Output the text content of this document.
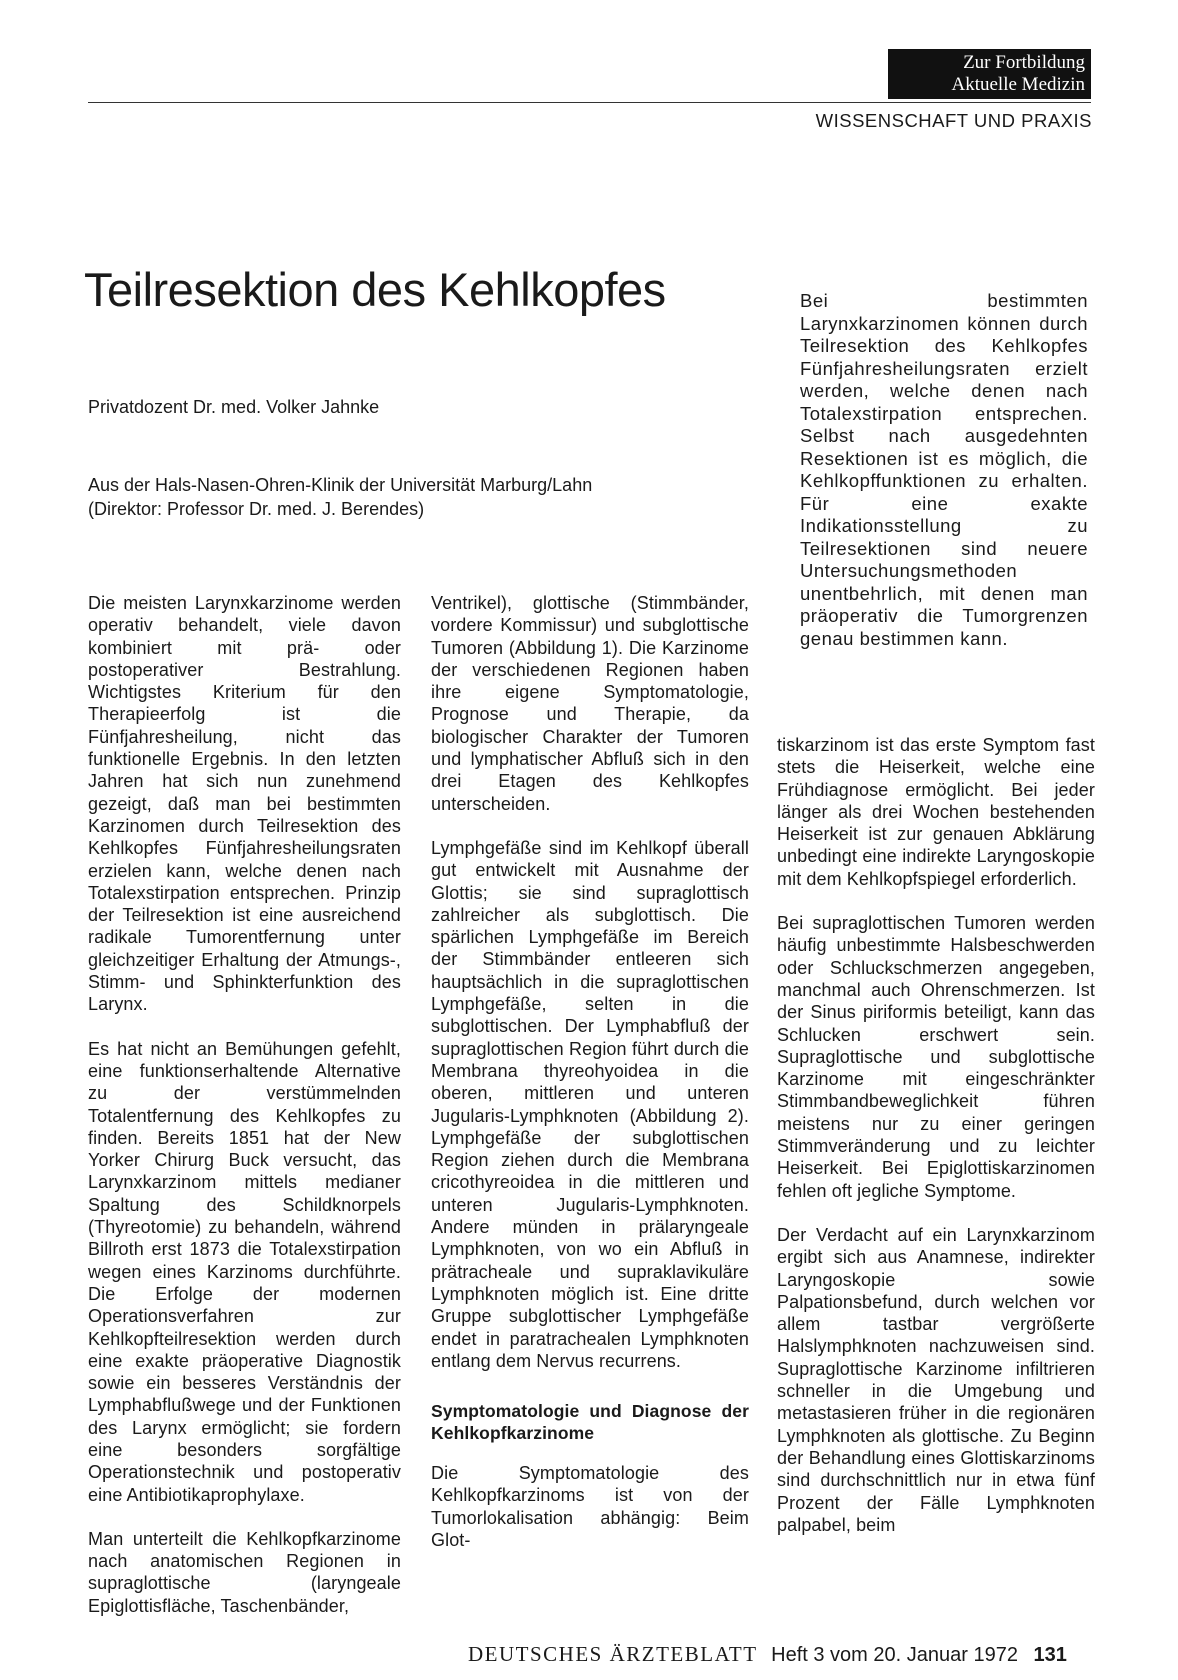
Zur Fortbildung
Aktuelle Medizin
WISSENSCHAFT UND PRAXIS
Teilresektion des Kehlkopfes
Privatdozent Dr. med. Volker Jahnke
Aus der Hals-Nasen-Ohren-Klinik der Universität Marburg/Lahn
(Direktor: Professor Dr. med. J. Berendes)
Bei bestimmten Larynxkarzinomen können durch Teilresektion des Kehlkopfes Fünfjahresheilungsraten erzielt werden, welche denen nach Totalexstirpation entsprechen. Selbst nach ausgedehnten Resektionen ist es möglich, die Kehlkopffunktionen zu erhalten. Für eine exakte Indikationsstellung zu Teilresektionen sind neuere Untersuchungsmethoden unentbehrlich, mit denen man präoperativ die Tumorgrenzen genau bestimmen kann.

Die meisten Larynxkarzinome werden operativ behandelt, viele davon kombiniert mit prä- oder postoperativer Bestrahlung. Wichtigstes Kriterium für den Therapieerfolg ist die Fünfjahresheilung, nicht das funktionelle Ergebnis. In den letzten Jahren hat sich nun zunehmend gezeigt, daß man bei bestimmten Karzinomen durch Teilresektion des Kehlkopfes Fünfjahresheilungsraten erzielen kann, welche denen nach Totalexstirpation entsprechen. Prinzip der Teilresektion ist eine ausreichend radikale Tumorentfernung unter gleichzeitiger Erhaltung der Atmungs-, Stimm- und Sphinkterfunktion des Larynx.

Es hat nicht an Bemühungen gefehlt, eine funktionserhaltende Alternative zu der verstümmelnden Totalentfernung des Kehlkopfes zu finden. Bereits 1851 hat der New Yorker Chirurg Buck versucht, das Larynxkarzinom mittels medianer Spaltung des Schildknorpels (Thyreotomie) zu behandeln, während Billroth erst 1873 die Totalexstirpation wegen eines Karzinoms durchführte. Die Erfolge der modernen Operationsverfahren zur Kehlkopfteilresektion werden durch eine exakte präoperative Diagnostik sowie ein besseres Verständnis der Lymphabflußwege und der Funktionen des Larynx ermöglicht; sie fordern eine besonders sorgfältige Operationstechnik und postoperativ eine Antibiotikaprophylaxe.

Man unterteilt die Kehlkopfkarzinome nach anatomischen Regionen in supraglottische (laryngeale Epiglottisfläche, Taschenbänder,

Ventrikel), glottische (Stimmbänder, vordere Kommissur) und subglottische Tumoren (Abbildung 1). Die Karzinome der verschiedenen Regionen haben ihre eigene Symptomatologie, Prognose und Therapie, da biologischer Charakter der Tumoren und lymphatischer Abfluß sich in den drei Etagen des Kehlkopfes unterscheiden.

Lymphgefäße sind im Kehlkopf überall gut entwickelt mit Ausnahme der Glottis; sie sind supraglottisch zahlreicher als subglottisch. Die spärlichen Lymphgefäße im Bereich der Stimmbänder entleeren sich hauptsächlich in die supraglottischen Lymphgefäße, selten in die subglottischen. Der Lymphabfluß der supraglottischen Region führt durch die Membrana thyreohyoidea in die oberen, mittleren und unteren Jugularis-Lymphknoten (Abbildung 2). Lymphgefäße der subglottischen Region ziehen durch die Membrana cricothyreoidea in die mittleren und unteren Jugularis-Lymphknoten. Andere münden in prälaryngeale Lymphknoten, von wo ein Abfluß in prätracheale und supraklavikuläre Lymphknoten möglich ist. Eine dritte Gruppe subglottischer Lymphgefäße endet in paratrachealen Lymphknoten entlang dem Nervus recurrens.

Symptomatologie und Diagnose der Kehlkopfkarzinome

Die Symptomatologie des Kehlkopfkarzinoms ist von der Tumorlokalisation abhängig: Beim Glot-

tiskarzinom ist das erste Symptom fast stets die Heiserkeit, welche eine Frühdiagnose ermöglicht. Bei jeder länger als drei Wochen bestehenden Heiserkeit ist zur genauen Abklärung unbedingt eine indirekte Laryngoskopie mit dem Kehlkopfspiegel erforderlich.

Bei supraglottischen Tumoren werden häufig unbestimmte Halsbeschwerden oder Schluckschmerzen angegeben, manchmal auch Ohrenschmerzen. Ist der Sinus piriformis beteiligt, kann das Schlucken erschwert sein. Supraglottische und subglottische Karzinome mit eingeschränkter Stimmbandbeweglichkeit führen meistens nur zu einer geringen Stimmveränderung und zu leichter Heiserkeit. Bei Epiglottiskarzinomen fehlen oft jegliche Symptome.

Der Verdacht auf ein Larynxkarzinom ergibt sich aus Anamnese, indirekter Laryngoskopie sowie Palpationsbefund, durch welchen vor allem tastbar vergrößerte Halslymphknoten nachzuweisen sind. Supraglottische Karzinome infiltrieren schneller in die Umgebung und metastasieren früher in die regionären Lymphknoten als glottische. Zu Beginn der Behandlung eines Glottiskarzinoms sind durchschnittlich nur in etwa fünf Prozent der Fälle Lymphknoten palpabel, beim

DEUTSCHES ÄRZTEBLATT Heft 3 vom 20. Januar 1972 131
